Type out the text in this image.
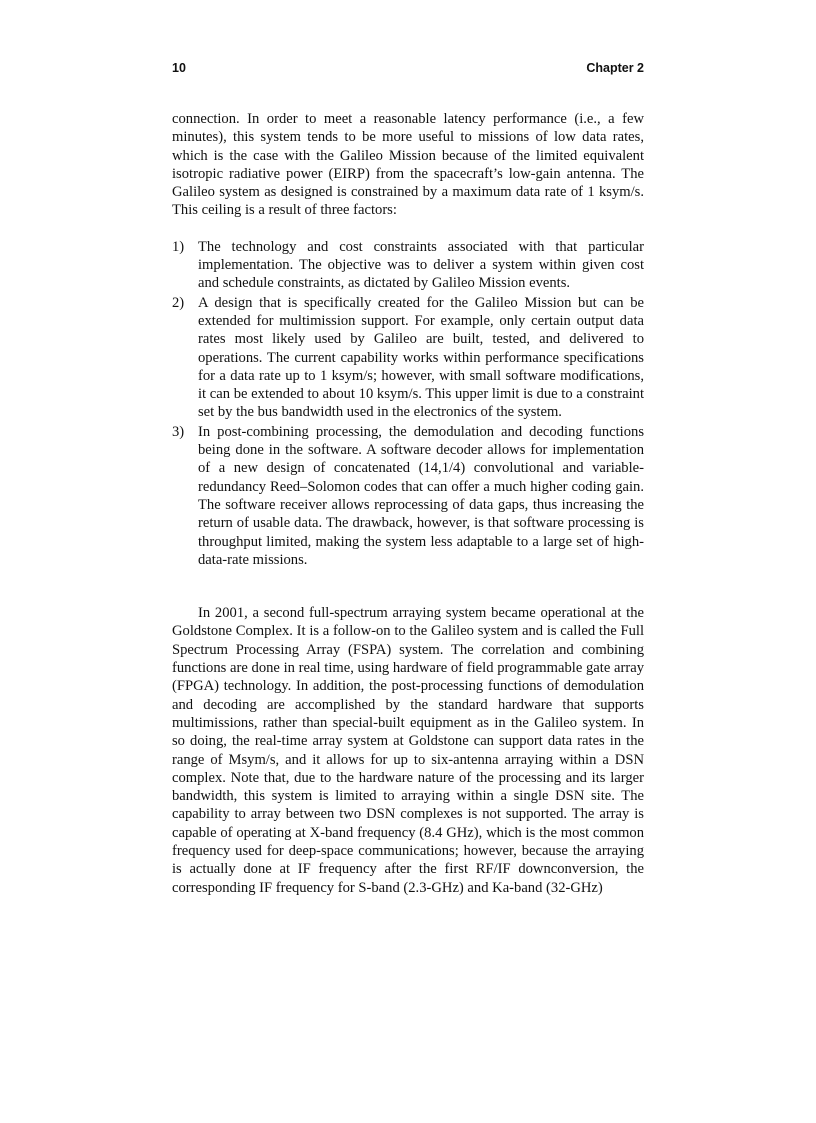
10	Chapter 2

connection. In order to meet a reasonable latency performance (i.e., a few minutes), this system tends to be more useful to missions of low data rates, which is the case with the Galileo Mission because of the limited equivalent isotropic radiative power (EIRP) from the spacecraft’s low-gain antenna. The Galileo system as designed is constrained by a maximum data rate of 1 ksym/s. This ceiling is a result of three factors:

1) The technology and cost constraints associated with that particular implementation. The objective was to deliver a system within given cost and schedule constraints, as dictated by Galileo Mission events.
2) A design that is specifically created for the Galileo Mission but can be extended for multimission support. For example, only certain output data rates most likely used by Galileo are built, tested, and delivered to operations. The current capability works within performance specifications for a data rate up to 1 ksym/s; however, with small software modifications, it can be extended to about 10 ksym/s. This upper limit is due to a constraint set by the bus bandwidth used in the electronics of the system.
3) In post-combining processing, the demodulation and decoding functions being done in the software. A software decoder allows for implementation of a new design of concatenated (14,1/4) convolutional and variable-redundancy Reed–Solomon codes that can offer a much higher coding gain. The software receiver allows reprocessing of data gaps, thus increasing the return of usable data. The drawback, however, is that software processing is throughput limited, making the system less adaptable to a large set of high-data-rate missions.

In 2001, a second full-spectrum arraying system became operational at the Goldstone Complex. It is a follow-on to the Galileo system and is called the Full Spectrum Processing Array (FSPA) system. The correlation and combining functions are done in real time, using hardware of field programmable gate array (FPGA) technology. In addition, the post-processing functions of demodulation and decoding are accomplished by the standard hardware that supports multimissions, rather than special-built equipment as in the Galileo system. In so doing, the real-time array system at Goldstone can support data rates in the range of Msym/s, and it allows for up to six-antenna arraying within a DSN complex. Note that, due to the hardware nature of the processing and its larger bandwidth, this system is limited to arraying within a single DSN site. The capability to array between two DSN complexes is not supported. The array is capable of operating at X-band frequency (8.4 GHz), which is the most common frequency used for deep-space communications; however, because the arraying is actually done at IF frequency after the first RF/IF downconversion, the corresponding IF frequency for S-band (2.3-GHz) and Ka-band (32-GHz)
